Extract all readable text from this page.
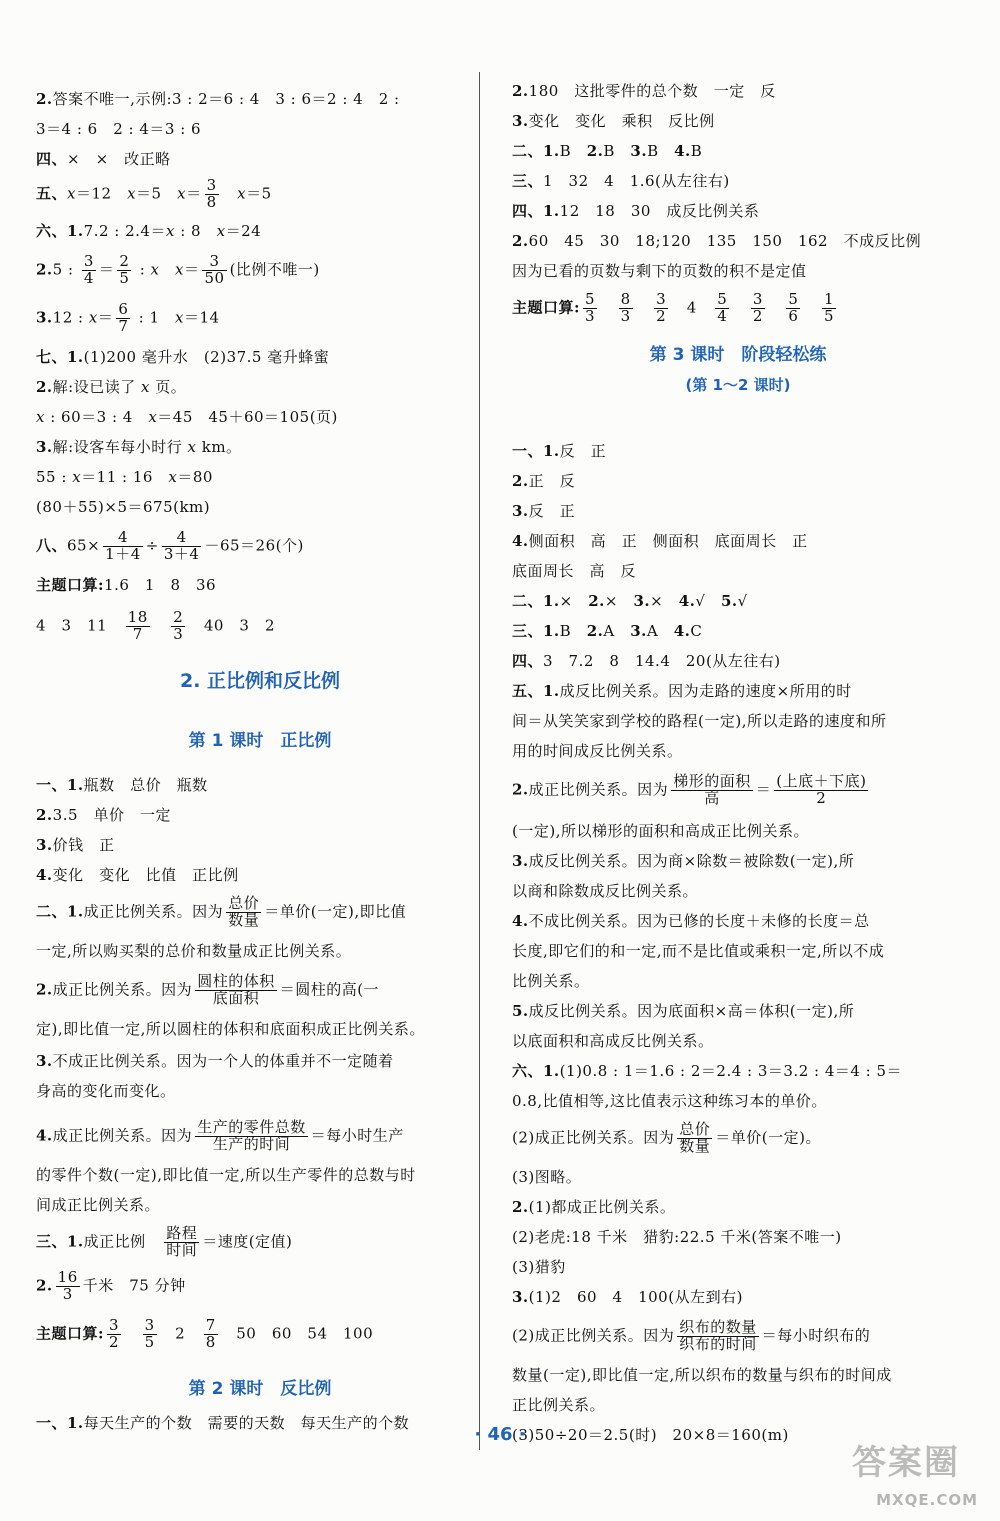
2.答案不唯一,示例:3 : 2＝6 : 4　3 : 6＝2 : 4　2 :
3＝4 : 6　2 : 4＝3 : 6
四、×　×　改正略
五、x＝12　x＝5　$x= \frac{3}{8}$
　 x＝5
六、1.7.2 : 2.4＝x : 8　x＝24
2.5 : $\frac{3}{4} = \frac{2}{5}$ : x　 $x= \frac{3}{50}$ (比例不唯一)
3.12 : $x= \frac{6}{7}$ : 1　x＝14
七、1.(1)200 毫升水　(2)37.5 毫升蜂蜜
2.解:设已读了 x 页。
x : 60＝3 : 4　x＝45　45＋60＝105(页)
3.解:设客车每小时行 x km。
55 : x＝11 : 16　x＝80
(80＋55)×5＝675(km)
八、$65\times \frac{4}{1+4} \div \frac{4}{3+4} -65=26$(个)
主题口算:1.6　1　8　36
4　3　11　 $\frac{18}{7}$
　 $\frac{2}{3}$ 　40　3　2
一、1.瓶数　总价　瓶数
2.3.5　单价　一定
3.价钱　正
4.变化　变化　比值　正比例
二、1.成正比例关系。因为 $\frac{\text{总价}}{\text{数量}}$ ＝单价(一定),即比值
一定,所以购买梨的总价和数量成正比例关系。
2.成正比例关系。因为 $\frac{\text{圆柱的体积}}{\text{底面积}}$ ＝圆柱的高(一
定),即比值一定,所以圆柱的体积和底面积成正比例关系。
3.不成正比例关系。因为一个人的体重并不一定随着
身高的变化而变化。
4.成正比例关系。因为 $\frac{\text{生产的零件总数}}{\text{生产的时间}}$ ＝每小时生产
的零件个数(一定),即比值一定,所以生产零件的总数与时
间成正比例关系。
三、1.成正比例　 $\frac{\text{路程}}{\text{时间}}$ ＝速度(定值)
2. $\frac{16}{3}$ 千米　75 分钟
主题口算: $\frac{3}{2}$
　 $\frac{3}{5}$ 　2　 $\frac{7}{8}$ 　50　60　54　100
一、1.每天生产的个数　需要的天数　每天生产的个数
2. 正比例和反比例
第 1 课时　正比例
第 2 课时　反比例
2.180　这批零件的总个数　一定　反
3.变化　变化　乘积　反比例
二、1.B　2.B　3.B　4.B
三、1　32　4　1.6(从左往右)
四、1.12　18　30　成反比例关系
2.60　45　30　18;120　135　150　162　不成反比例
因为已看的页数与剩下的页数的积不是定值
主题口算: $\frac{5}{3}$
　 $\frac{8}{3}$
　 $\frac{3}{2}$ 　4　 $\frac{5}{4}$
　 $\frac{3}{2}$
　 $\frac{5}{6}$
　 $\frac{1}{5}$
一、1.反　正
2.正　反
3.反　正
4.侧面积　高　正　侧面积　底面周长　正
底面周长　高　反
二、1.×　2.×　3.×　4.√　5.√
三、1.B　2.A　3.A　4.C
四、3　7.2　8　14.4　20(从左往右)
五、1.成反比例关系。因为走路的速度×所用的时
间＝从笑笑家到学校的路程(一定),所以走路的速度和所
用的时间成反比例关系。
2.成正比例关系。因为 $\frac{\text{梯形的面积}}{\text{高}} = \frac{\text{(上底＋下底)}}{2}$
(一定),所以梯形的面积和高成正比例关系。
3.成反比例关系。因为商×除数＝被除数(一定),所
以商和除数成反比例关系。
4.不成比例关系。因为已修的长度＋未修的长度＝总
长度,即它们的和一定,而不是比值或乘积一定,所以不成
比例关系。
5.成反比例关系。因为底面积×高＝体积(一定),所
以底面积和高成反比例关系。
六、1.(1)0.8 : 1＝1.6 : 2＝2.4 : 3＝3.2 : 4＝4 : 5＝
0.8,比值相等,这比值表示这种练习本的单价。
(2)成正比例关系。因为 $\frac{\text{总价}}{\text{数量}}$ ＝单价(一定)。
(3)图略。
2.(1)都成正比例关系。
(2)老虎:18 千米　猎豹:22.5 千米(答案不唯一)
(3)猎豹
3.(1)2　60　4　100(从左到右)
(2)成正比例关系。因为 $\frac{\text{织布的数量}}{\text{织布的时间}}$ ＝每小时织布的
数量(一定),即比值一定,所以织布的数量与织布的时间成
正比例关系。
(3)50÷20＝2.5(时)　20×8＝160(m)
第 3 课时　阶段轻松练
(第 1～2 课时)
· 46 ·
答案圈
MXQE.COM
